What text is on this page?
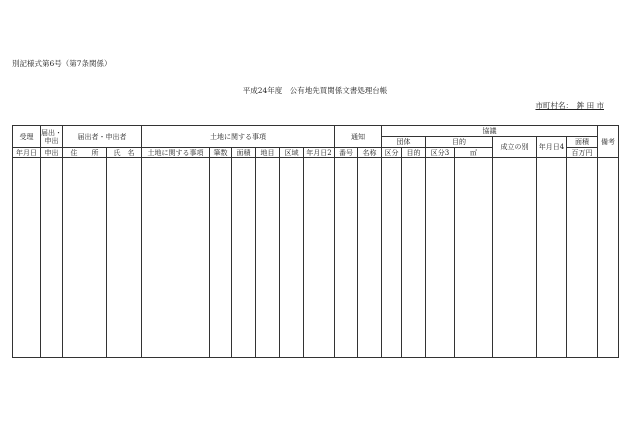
別記様式第6号（第7条関係）
平成24年度　公有地先買関係文書処理台帳
市町村名：　鉾 田 市
受理	届出・申出	届出者・申出者		土地に関する事項						通知		協議							備考	
												団体		目的		成立の別	年月日4	面積	
年月日	申出	住　　所	氏　名	土地に関する事項	筆数	面積	地目	区域	年月日2	番号	名称	区分	目的	区分3	㎡			百万円		
